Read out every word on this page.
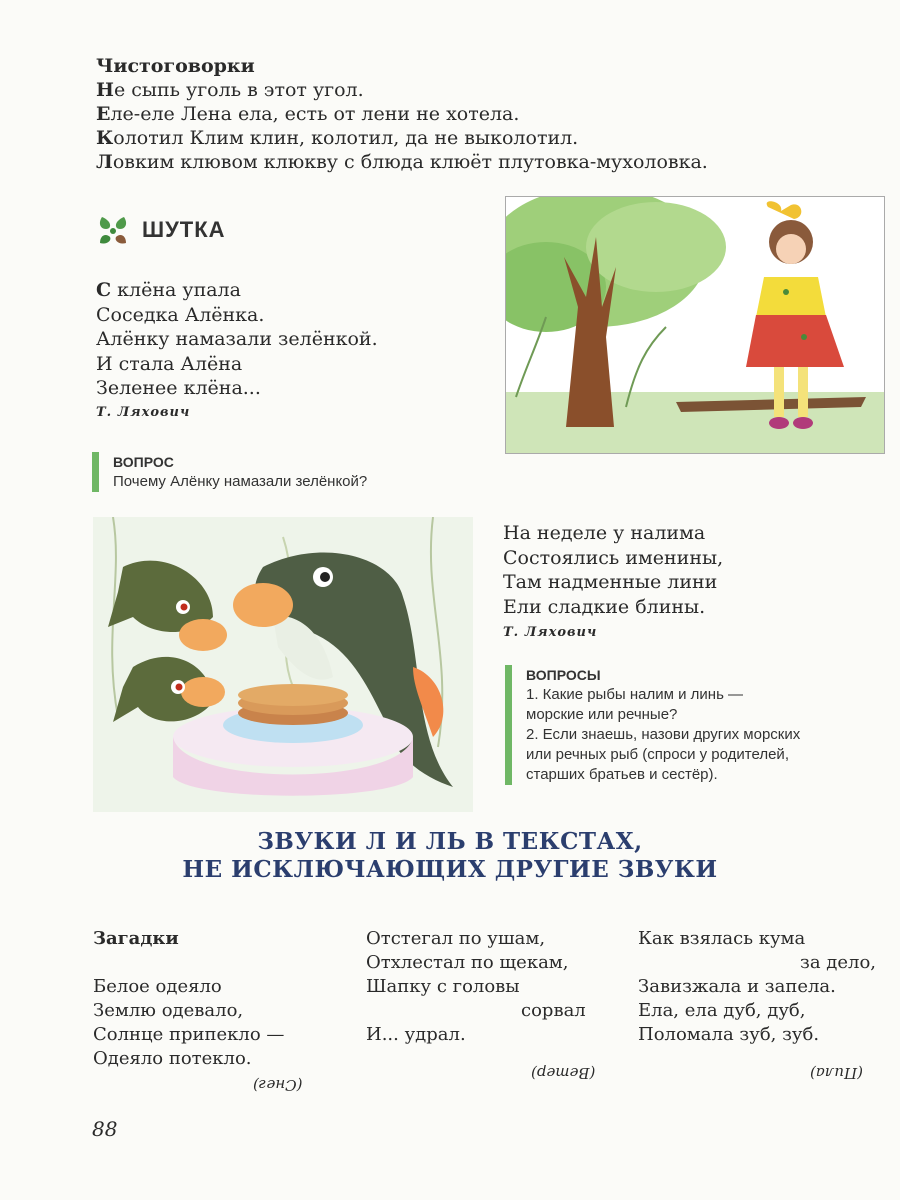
Чистоговорки
Не сыпь уголь в этот угол.
Еле-еле Лена ела, есть от лени не хотела.
Колотил Клим клин, колотил, да не выколотил.
Ловким клювом клюкву с блюда клюёт плутовка-мухоловка.
ШУТКА
С клёна упала
Соседка Алёнка.
Алёнку намазали зелёнкой.
И стала Алёна
Зеленее клёна...
Т. Ляхович
ВОПРОС
Почему Алёнку намазали зелёнкой?
На неделе у налима
Состоялись именины,
Там надменные лини
Ели сладкие блины.
Т. Ляхович
ВОПРОСЫ
1. Какие рыбы налим и линь —
морские или речные?
2. Если знаешь, назови других морских
или речных рыб (спроси у родителей,
старших братьев и сестёр).
ЗВУКИ Л И ЛЬ В ТЕКСТАХ,
НЕ ИСКЛЮЧАЮЩИХ ДРУГИЕ ЗВУКИ
Загадки
Белое одеяло
Землю одевало,
Солнце припекло —
Одеяло потекло.
(Снег)
Отстегал по ушам,
Отхлестал по щекам,
Шапку с головы
сорвал
И... удрал.
(Ветер)
Как взялась кума
за дело,
Завизжала и запела.
Ела, ела дуб, дуб,
Поломала зуб, зуб.
(Пила)
88
